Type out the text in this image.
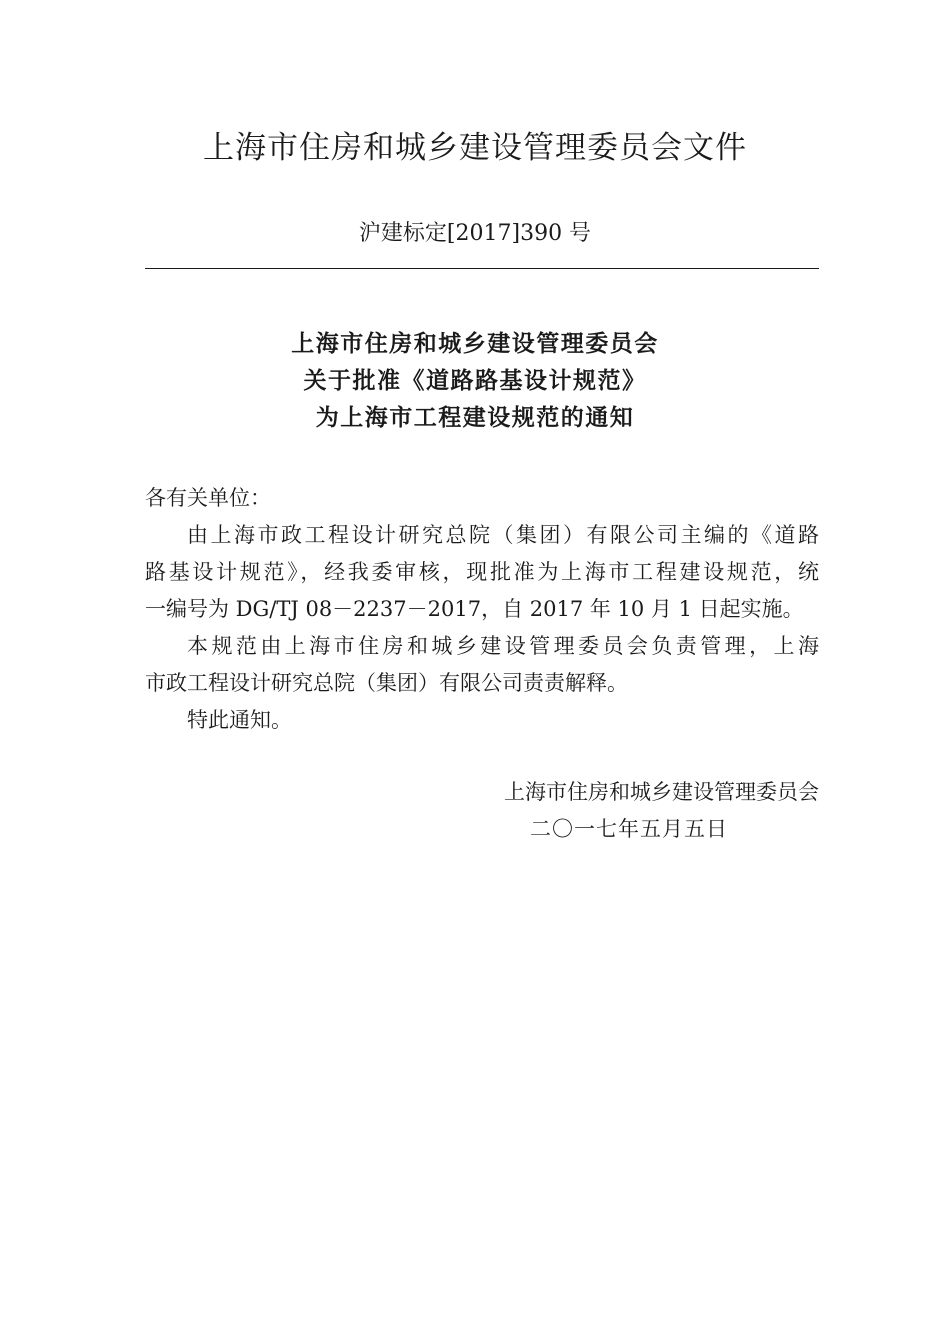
上海市住房和城乡建设管理委员会文件
沪建标定[2017]390 号
上海市住房和城乡建设管理委员会
关于批准《道路路基设计规范》
为上海市工程建设规范的通知
各有关单位：
由上海市政工程设计研究总院（集团）有限公司主编的《道路
路基设计规范》，经我委审核，现批准为上海市工程建设规范，统
一编号为 DG/TJ 08－2237－2017，自 2017 年 10 月 1 日起实施。
本规范由上海市住房和城乡建设管理委员会负责管理，上海
市政工程设计研究总院（集团）有限公司责责解释。
特此通知。
上海市住房和城乡建设管理委员会
二〇一七年五月五日
